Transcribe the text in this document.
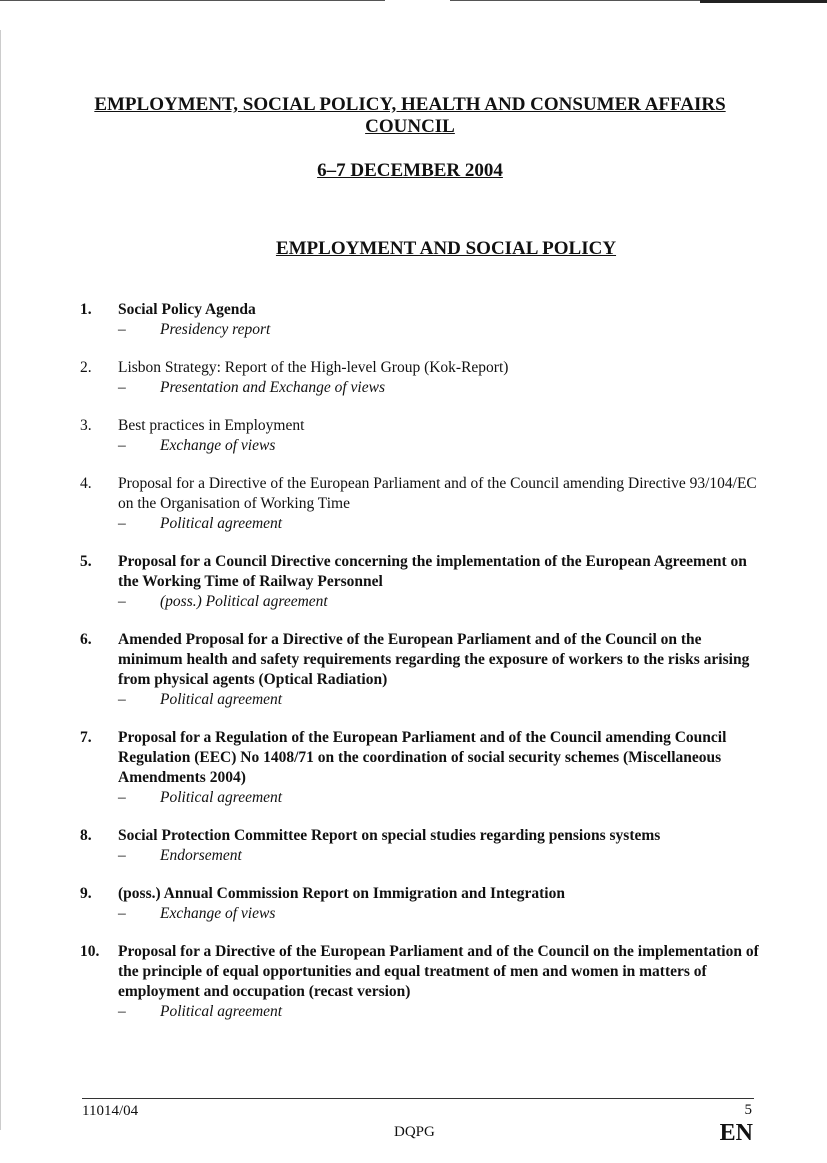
EMPLOYMENT, SOCIAL POLICY, HEALTH AND CONSUMER AFFAIRS
COUNCIL
6–7 DECEMBER 2004
EMPLOYMENT AND SOCIAL POLICY
1.	Social Policy Agenda
–	Presidency report
2.	Lisbon Strategy: Report of the High-level Group (Kok-Report)
–	Presentation and Exchange of views
3.	Best practices in Employment
–	Exchange of views
4.	Proposal for a Directive of the European Parliament and of the Council amending Directive 93/104/EC on the Organisation of Working Time
–	Political agreement
5.	Proposal for a Council Directive concerning the implementation of the European Agreement on the Working Time of Railway Personnel
–	(poss.) Political agreement
6.	Amended Proposal for a Directive of the European Parliament and of the Council on the minimum health and safety requirements regarding the exposure of workers to the risks arising from physical agents (Optical Radiation)
–	Political agreement
7.	Proposal for a Regulation of the European Parliament and of the Council amending Council Regulation (EEC) No 1408/71 on the coordination of social security schemes (Miscellaneous Amendments 2004)
–	Political agreement
8.	Social Protection Committee Report on special studies regarding pensions systems
–	Endorsement
9.	(poss.) Annual Commission Report on Immigration and Integration
–	Exchange of views
10.	Proposal for a Directive of the European Parliament and of the Council on the implementation of the principle of equal opportunities and equal treatment of men and women in matters of employment and occupation (recast version)
–	Political agreement
11014/04
DQPG
5
EN
